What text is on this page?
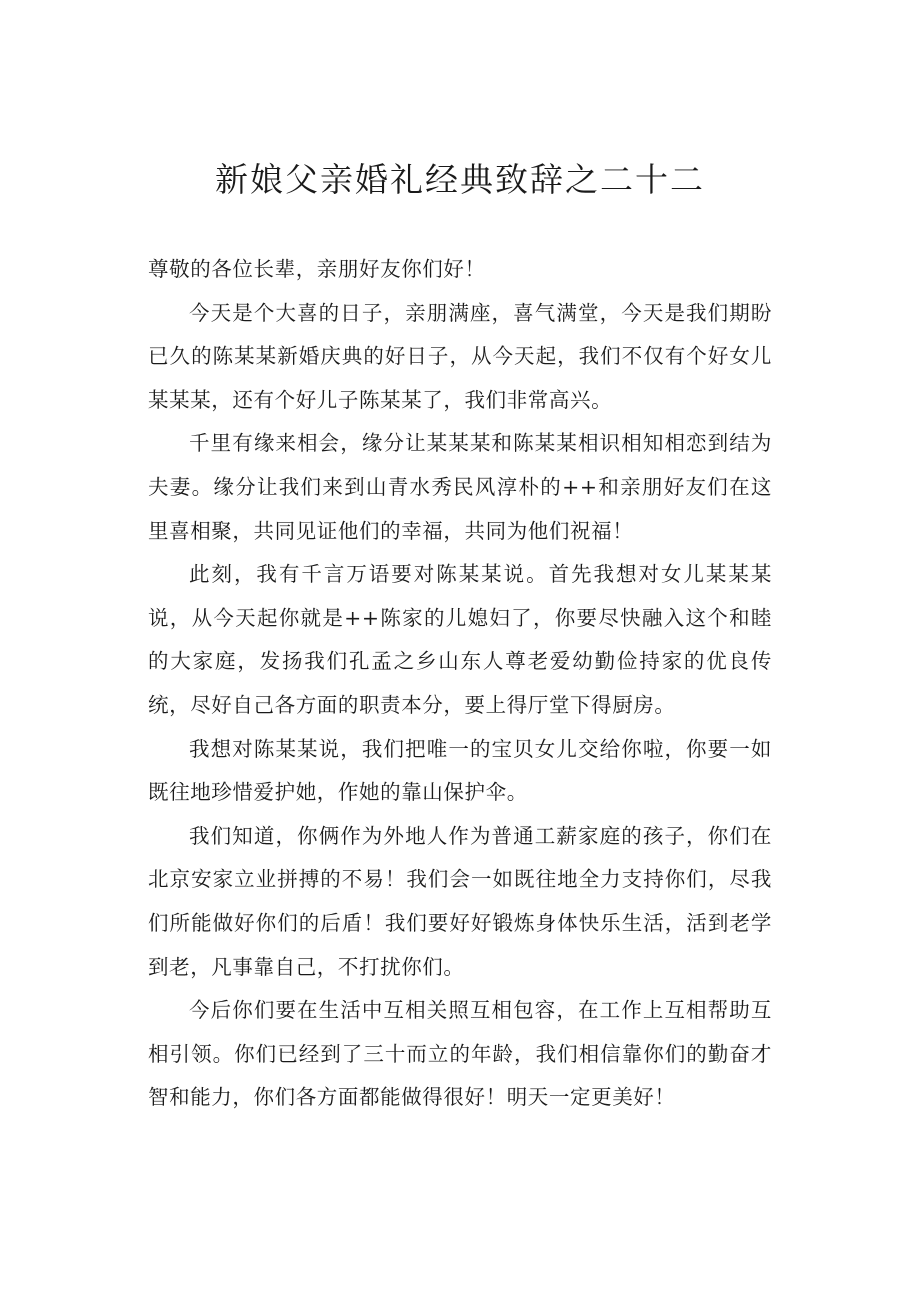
新娘父亲婚礼经典致辞之二十二

尊敬的各位长辈，亲朋好友你们好！

今天是个大喜的日子，亲朋满座，喜气满堂，今天是我们期盼已久的陈某某新婚庆典的好日子，从今天起，我们不仅有个好女儿某某某，还有个好儿子陈某某了，我们非常高兴。

千里有缘来相会，缘分让某某某和陈某某相识相知相恋到结为夫妻。缘分让我们来到山青水秀民风淳朴的++和亲朋好友们在这里喜相聚，共同见证他们的幸福，共同为他们祝福！

此刻，我有千言万语要对陈某某说。首先我想对女儿某某某说，从今天起你就是++陈家的儿媳妇了，你要尽快融入这个和睦的大家庭，发扬我们孔孟之乡山东人尊老爱幼勤俭持家的优良传统，尽好自己各方面的职责本分，要上得厅堂下得厨房。

我想对陈某某说，我们把唯一的宝贝女儿交给你啦，你要一如既往地珍惜爱护她，作她的靠山保护伞。

我们知道，你俩作为外地人作为普通工薪家庭的孩子，你们在北京安家立业拼搏的不易！我们会一如既往地全力支持你们，尽我们所能做好你们的后盾！我们要好好锻炼身体快乐生活，活到老学到老，凡事靠自己，不打扰你们。

今后你们要在生活中互相关照互相包容，在工作上互相帮助互相引领。你们已经到了三十而立的年龄，我们相信靠你们的勤奋才智和能力，你们各方面都能做得很好！明天一定更美好！
